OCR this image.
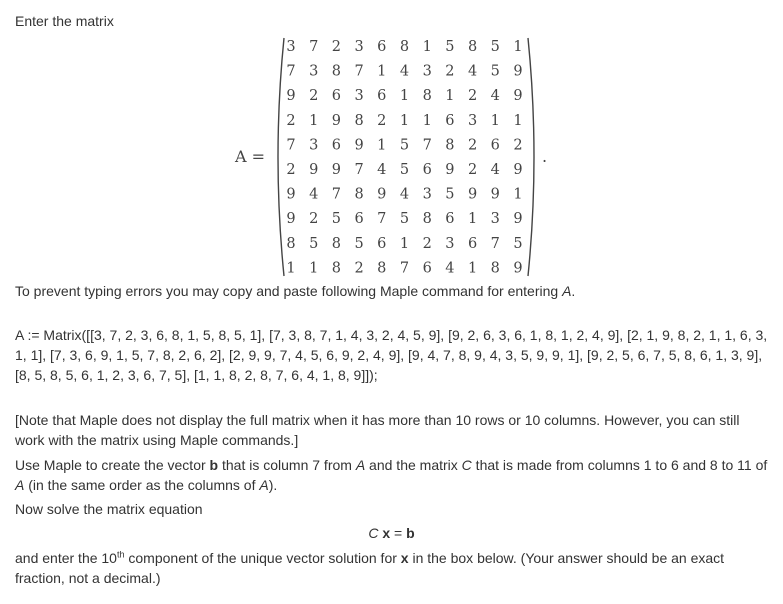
Enter the matrix
A =
3 7 2 3 6 8 1 5 8 5 1
7 3 8 7 1 4 3 2 4 5 9
9 2 6 3 6 1 8 1 2 4 9
2 1 9 8 2 1 1 6 3 1 1
7 3 6 9 1 5 7 8 2 6 2
2 9 9 7 4 5 6 9 2 4 9
9 4 7 8 9 4 3 5 9 9 1
9 2 5 6 7 5 8 6 1 3 9
8 5 8 5 6 1 2 3 6 7 5
1 1 8 2 8 7 6 4 1 8 9
.
To prevent typing errors you may copy and paste following Maple command for entering A.
A := Matrix([[3, 7, 2, 3, 6, 8, 1, 5, 8, 5, 1], [7, 3, 8, 7, 1, 4, 3, 2, 4, 5, 9], [9, 2, 6, 3, 6, 1, 8, 1, 2, 4, 9], [2, 1, 9, 8, 2, 1, 1, 6, 3, 1, 1], [7, 3, 6, 9, 1, 5, 7, 8, 2, 6, 2], [2, 9, 9, 7, 4, 5, 6, 9, 2, 4, 9], [9, 4, 7, 8, 9, 4, 3, 5, 9, 9, 1], [9, 2, 5, 6, 7, 5, 8, 6, 1, 3, 9], [8, 5, 8, 5, 6, 1, 2, 3, 6, 7, 5], [1, 1, 8, 2, 8, 7, 6, 4, 1, 8, 9]]);
[Note that Maple does not display the full matrix when it has more than 10 rows or 10 columns. However, you can still work with the matrix using Maple commands.]
Use Maple to create the vector b that is column 7 from A and the matrix C that is made from columns 1 to 6 and 8 to 11 of A (in the same order as the columns of A).
Now solve the matrix equation
C x = b
and enter the 10th component of the unique vector solution for x in the box below. (Your answer should be an exact fraction, not a decimal.)
